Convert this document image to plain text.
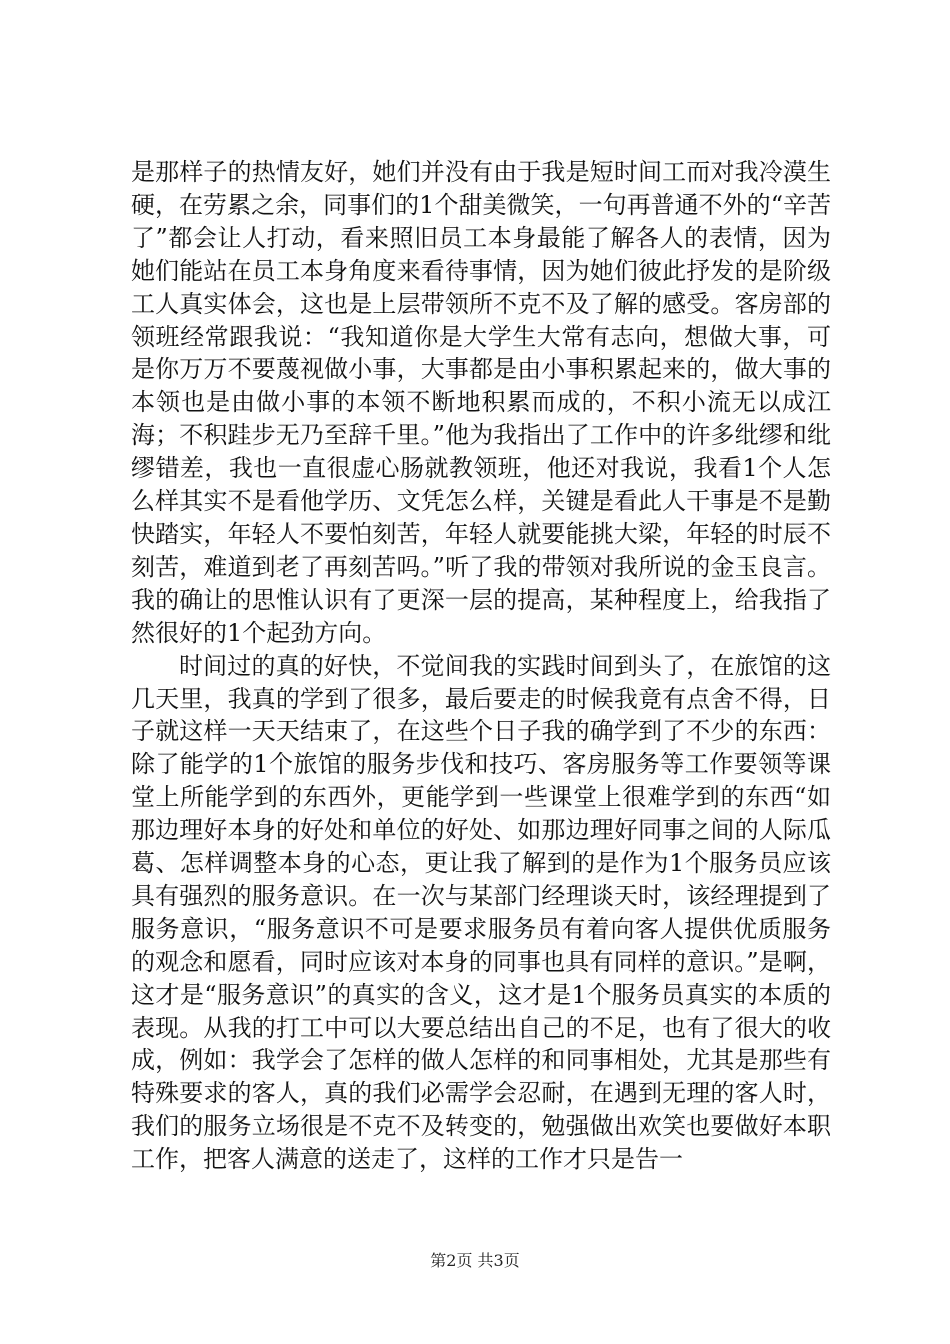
是那样子的热情友好，她们并没有由于我是短时间工而对我冷漠生硬，在劳累之余，同事们的1个甜美微笑，一句再普通不外的“辛苦了”都会让人打动，看来照旧员工本身最能了解各人的表情，因为她们能站在员工本身角度来看待事情，因为她们彼此抒发的是阶级工人真实体会，这也是上层带领所不克不及了解的感受。客房部的领班经常跟我说：“我知道你是大学生大常有志向，想做大事，可是你万万不要蔑视做小事，大事都是由小事积累起来的，做大事的本领也是由做小事的本领不断地积累而成的，不积小流无以成江海；不积跬步无乃至辞千里。”他为我指出了工作中的许多纰缪和纰缪错差，我也一直很虚心肠就教领班，他还对我说，我看1个人怎么样其实不是看他学历、文凭怎么样，关键是看此人干事是不是勤快踏实，年轻人不要怕刻苦，年轻人就要能挑大梁，年轻的时辰不刻苦，难道到老了再刻苦吗。”听了我的带领对我所说的金玉良言。我的确让的思惟认识有了更深一层的提高，某种程度上，给我指了然很好的1个起劲方向。

时间过的真的好快，不觉间我的实践时间到头了，在旅馆的这几天里，我真的学到了很多，最后要走的时候我竟有点舍不得，日子就这样一天天结束了，在这些个日子我的确学到了不少的东西：除了能学的1个旅馆的服务步伐和技巧、客房服务等工作要领等课堂上所能学到的东西外，更能学到一些课堂上很难学到的东西“如那边理好本身的好处和单位的好处、如那边理好同事之间的人际瓜葛、怎样调整本身的心态，更让我了解到的是作为1个服务员应该具有强烈的服务意识。在一次与某部门经理谈天时，该经理提到了服务意识，“服务意识不可是要求服务员有着向客人提供优质服务的观念和愿看，同时应该对本身的同事也具有同样的意识。”是啊，这才是“服务意识”的真实的含义，这才是1个服务员真实的本质的表现。从我的打工中可以大要总结出自己的不足，也有了很大的收成，例如：我学会了怎样的做人怎样的和同事相处，尤其是那些有特殊要求的客人，真的我们必需学会忍耐，在遇到无理的客人时，我们的服务立场很是不克不及转变的，勉强做出欢笑也要做好本职工作，把客人满意的送走了，这样的工作才只是告一

第2页 共3页
